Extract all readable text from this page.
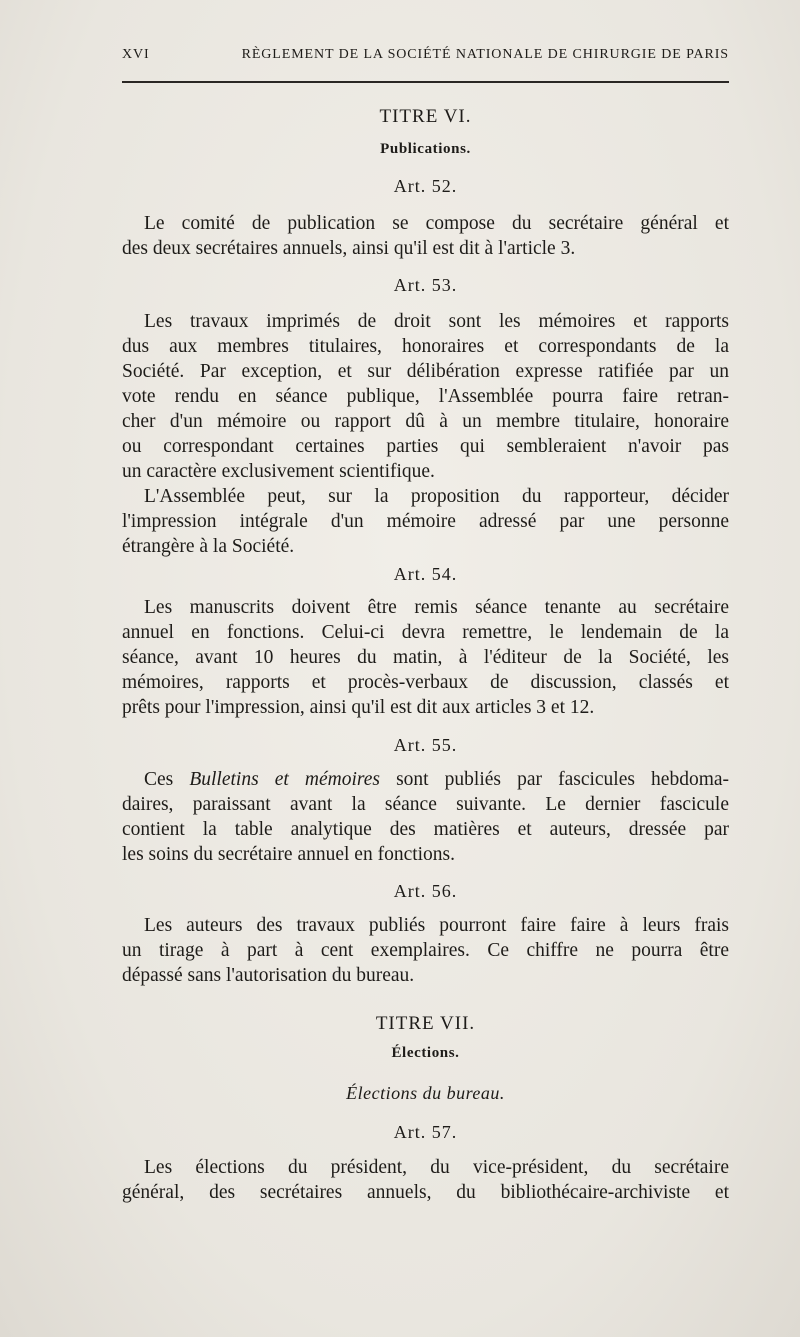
XVI	RÈGLEMENT DE LA SOCIÉTÉ NATIONALE DE CHIRURGIE DE PARIS
TITRE VI.
Publications.
Art. 52.
Le comité de publication se compose du secrétaire général et
des deux secrétaires annuels, ainsi qu'il est dit à l'article 3.
Art. 53.
Les travaux imprimés de droit sont les mémoires et rapports
dus aux membres titulaires, honoraires et correspondants de la
Société. Par exception, et sur délibération expresse ratifiée par un
vote rendu en séance publique, l'Assemblée pourra faire retran-
cher d'un mémoire ou rapport dû à un membre titulaire, honoraire
ou correspondant certaines parties qui sembleraient n'avoir pas
un caractère exclusivement scientifique.
L'Assemblée peut, sur la proposition du rapporteur, décider
l'impression intégrale d'un mémoire adressé par une personne
étrangère à la Société.
Art. 54.
Les manuscrits doivent être remis séance tenante au secrétaire
annuel en fonctions. Celui-ci devra remettre, le lendemain de la
séance, avant 10 heures du matin, à l'éditeur de la Société, les
mémoires, rapports et procès-verbaux de discussion, classés et
prêts pour l'impression, ainsi qu'il est dit aux articles 3 et 12.
Art. 55.
Ces Bulletins et mémoires sont publiés par fascicules hebdoma-
daires, paraissant avant la séance suivante. Le dernier fascicule
contient la table analytique des matières et auteurs, dressée par
les soins du secrétaire annuel en fonctions.
Art. 56.
Les auteurs des travaux publiés pourront faire faire à leurs frais
un tirage à part à cent exemplaires. Ce chiffre ne pourra être
dépassé sans l'autorisation du bureau.
TITRE VII.
Élections.
Élections du bureau.
Art. 57.
Les élections du président, du vice-président, du secrétaire
général, des secrétaires annuels, du bibliothécaire-archiviste et
